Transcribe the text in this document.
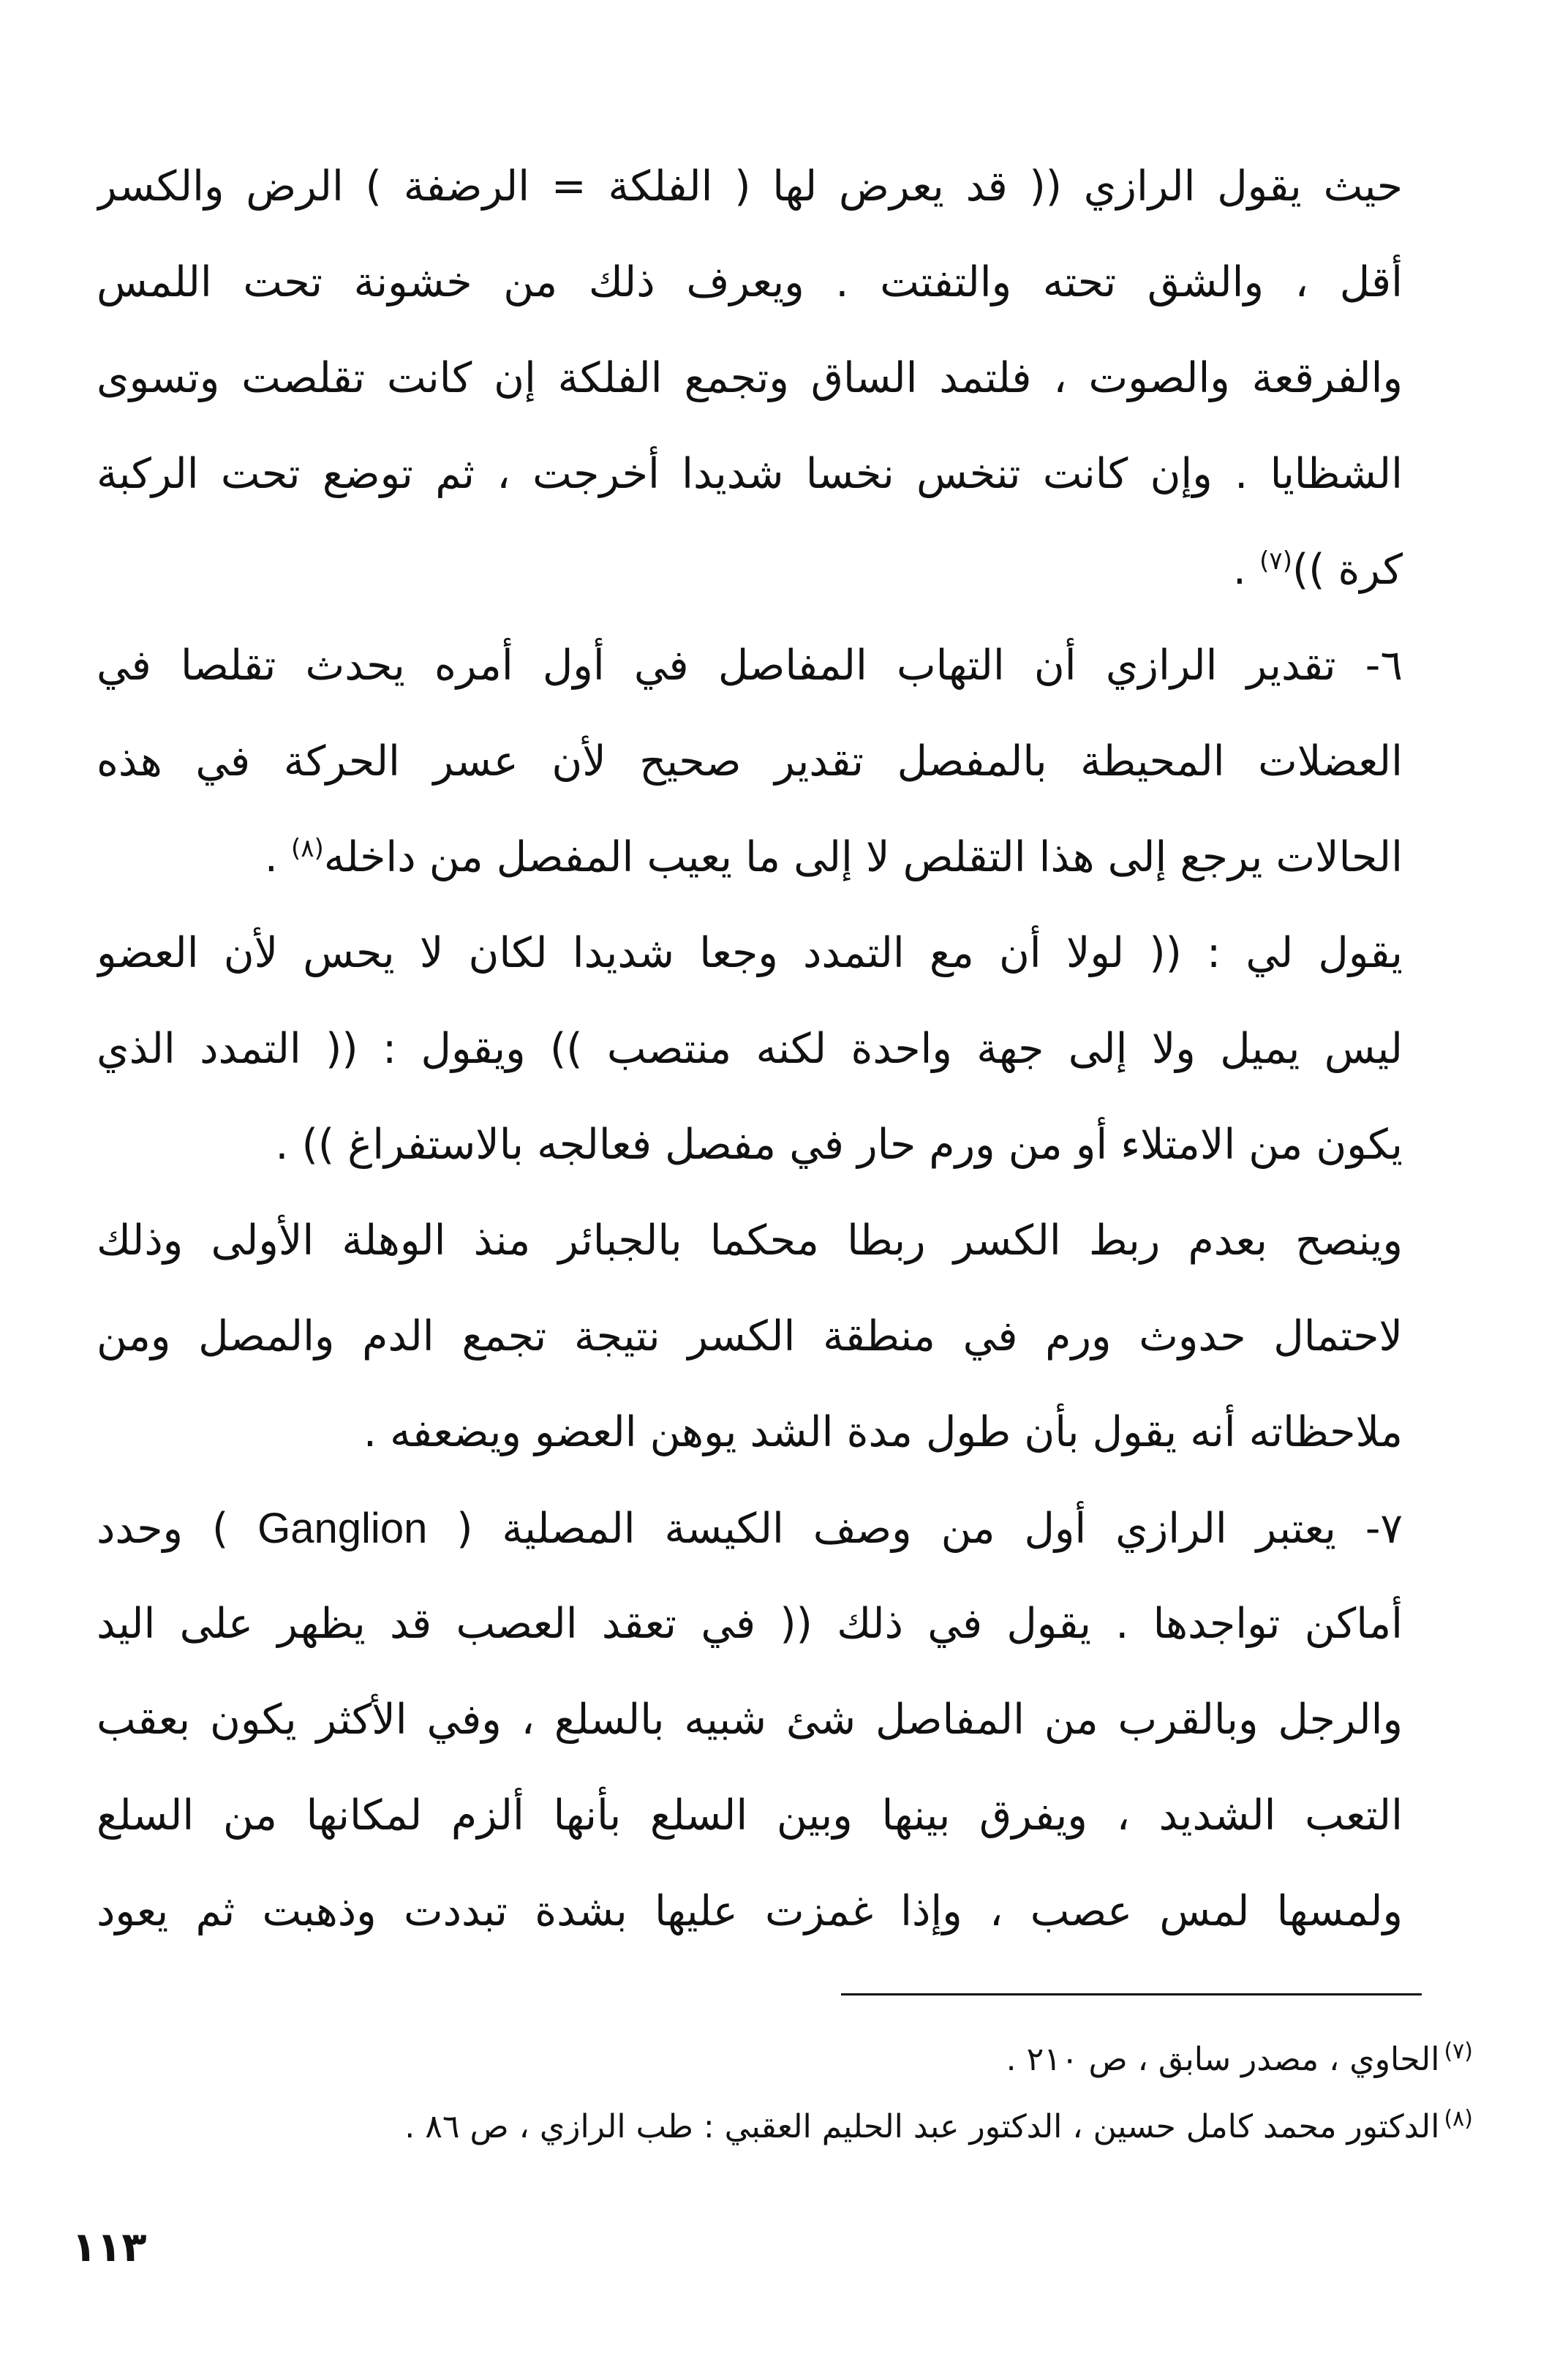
حيث يقول الرازي (( قد يعرض لها ( الفلكة = الرضفة ) الرض والكسر
أقل ، والشق تحته والتفتت . ويعرف ذلك من خشونة تحت اللمس
والفرقعة والصوت ، فلتمد الساق وتجمع الفلكة إن كانت تقلصت وتسوى
الشظايا . وإن كانت تنخس نخسا شديدا أخرجت ، ثم توضع تحت الركبة
كرة ))$^{(٧)}$ .
٦- تقدير الرازي أن التهاب المفاصل في أول أمره يحدث تقلصا في
العضلات المحيطة بالمفصل تقدير صحيح لأن عسر الحركة في هذه
الحالات يرجع إلى هذا التقلص لا إلى ما يعيب المفصل من داخله$^{(٨)}$ .
يقول لي : (( لولا أن مع التمدد وجعا شديدا لكان لا يحس لأن العضو
ليس يميل ولا إلى جهة واحدة لكنه منتصب )) ويقول : (( التمدد الذي
يكون من الامتلاء أو من ورم حار في مفصل فعالجه بالاستفراغ )) .
وينصح بعدم ربط الكسر ربطا محكما بالجبائر منذ الوهلة الأولى وذلك
لاحتمال حدوث ورم في منطقة الكسر نتيجة تجمع الدم والمصل ومن
ملاحظاته أنه يقول بأن طول مدة الشد يوهن العضو ويضعفه .
٧- يعتبر الرازي أول من وصف الكيسة المصلية ( Ganglion ) وحدد
أماكن تواجدها . يقول في ذلك (( في تعقد العصب قد يظهر على اليد
والرجل وبالقرب من المفاصل شئ شبيه بالسلع ، وفي الأكثر يكون بعقب
التعب الشديد ، ويفرق بينها وبين السلع بأنها ألزم لمكانها من السلع
ولمسها لمس عصب ، وإذا غمزت عليها بشدة تبددت وذهبت ثم يعود
$^{(٧)}$الحاوي ، مصدر سابق ، ص ٢١٠ .
$^{(٨)}$الدكتور محمد كامل حسين ، الدكتور عبد الحليم العقبي : طب الرازي ، ص ٨٦ .
١١٣
